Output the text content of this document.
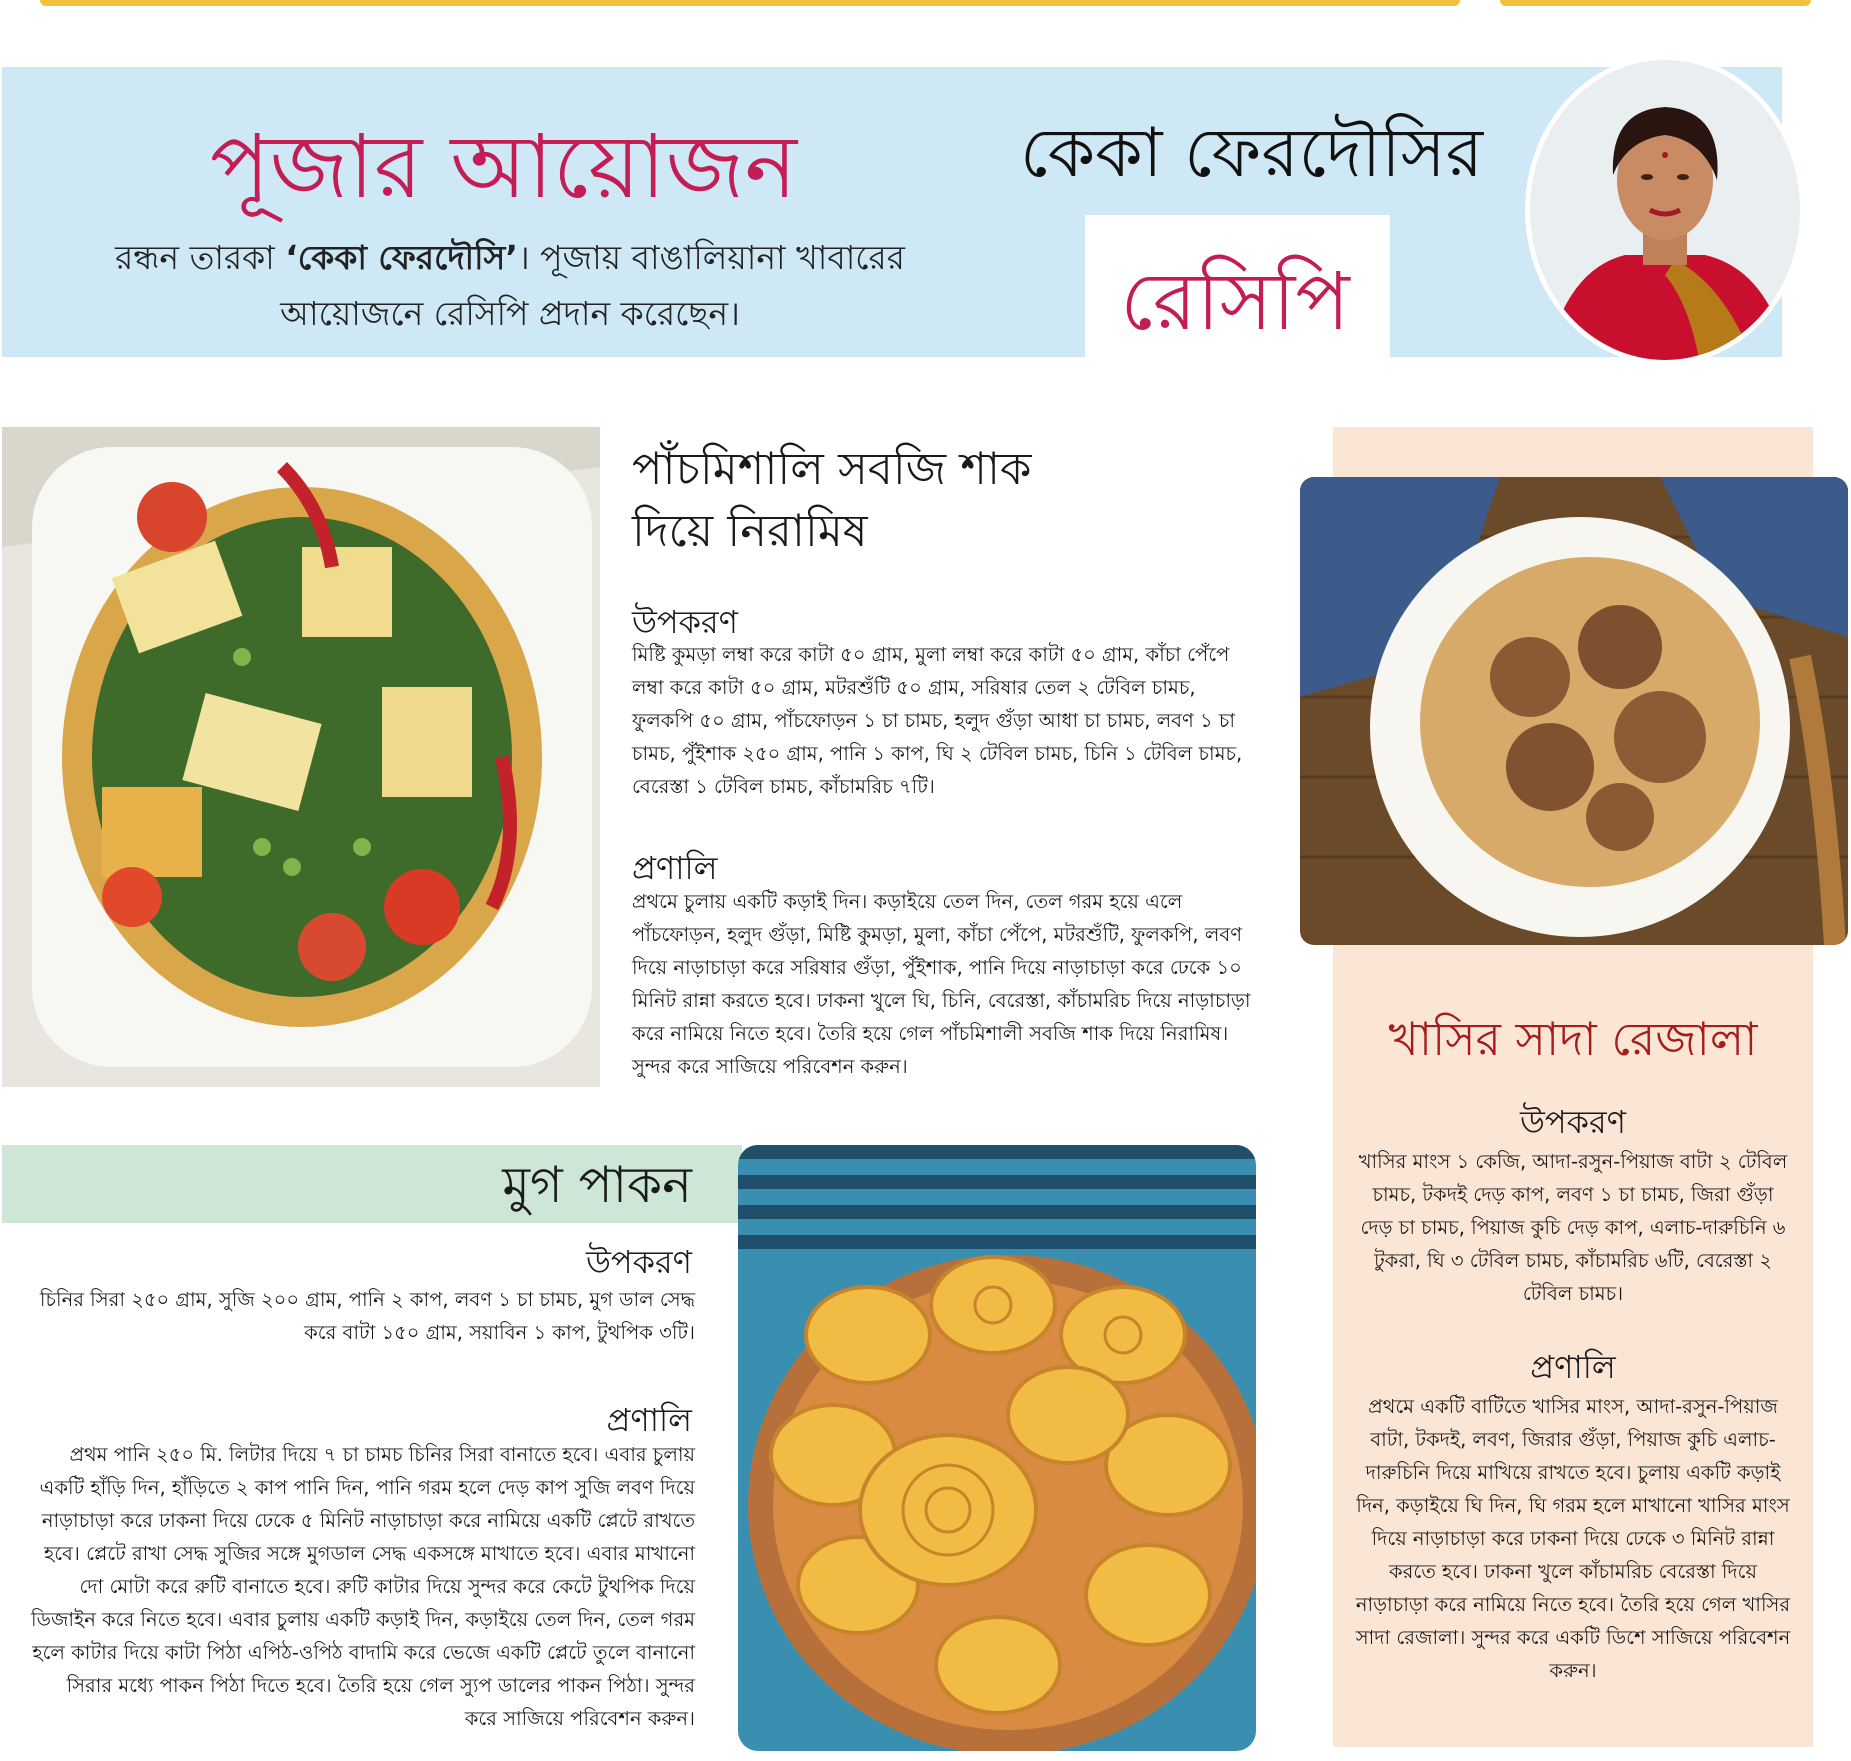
পূজার আয়োজন
রন্ধন তারকা ‘কেকা ফেরদৌসি’। পূজায় বাঙালিয়ানা খাবারের আয়োজনে রেসিপি প্রদান করেছেন।
কেকা ফেরদৌসির
রেসিপি
পাঁচমিশালি সবজি শাক দিয়ে নিরামিষ
উপকরণ
মিষ্টি কুমড়া লম্বা করে কাটা ৫০ গ্রাম, মুলা লম্বা করে কাটা ৫০ গ্রাম, কাঁচা পেঁপে লম্বা করে কাটা ৫০ গ্রাম, মটরশুঁটি ৫০ গ্রাম, সরিষার তেল ২ টেবিল চামচ, ফুলকপি ৫০ গ্রাম, পাঁচফোড়ন ১ চা চামচ, হলুদ গুঁড়া আধা চা চামচ, লবণ ১ চা চামচ, পুঁইশাক ২৫০ গ্রাম, পানি ১ কাপ, ঘি ২ টেবিল চামচ, চিনি ১ টেবিল চামচ, বেরেস্তা ১ টেবিল চামচ, কাঁচামরিচ ৭টি।
প্রণালি
প্রথমে চুলায় একটি কড়াই দিন। কড়াইয়ে তেল দিন, তেল গরম হয়ে এলে পাঁচফোড়ন, হলুদ গুঁড়া, মিষ্টি কুমড়া, মুলা, কাঁচা পেঁপে, মটরশুঁটি, ফুলকপি, লবণ দিয়ে নাড়াচাড়া করে সরিষার গুঁড়া, পুঁইশাক, পানি দিয়ে নাড়াচাড়া করে ঢেকে ১০ মিনিট রান্না করতে হবে। ঢাকনা খুলে ঘি, চিনি, বেরেস্তা, কাঁচামরিচ দিয়ে নাড়াচাড়া করে নামিয়ে নিতে হবে। তৈরি হয়ে গেল পাঁচমিশালী সবজি শাক দিয়ে নিরামিষ। সুন্দর করে সাজিয়ে পরিবেশন করুন।
খাসির সাদা রেজালা
উপকরণ
খাসির মাংস ১ কেজি, আদা-রসুন-পিয়াজ বাটা ২ টেবিল চামচ, টকদই দেড় কাপ, লবণ ১ চা চামচ, জিরা গুঁড়া দেড় চা চামচ, পিয়াজ কুচি দেড় কাপ, এলাচ-দারুচিনি ৬ টুকরা, ঘি ৩ টেবিল চামচ, কাঁচামরিচ ৬টি, বেরেস্তা ২ টেবিল চামচ।
প্রণালি
প্রথমে একটি বাটিতে খাসির মাংস, আদা-রসুন-পিয়াজ বাটা, টকদই, লবণ, জিরার গুঁড়া, পিয়াজ কুচি এলাচ-দারুচিনি দিয়ে মাখিয়ে রাখতে হবে। চুলায় একটি কড়াই দিন, কড়াইয়ে ঘি দিন, ঘি গরম হলে মাখানো খাসির মাংস দিয়ে নাড়াচাড়া করে ঢাকনা দিয়ে ঢেকে ৩ মিনিট রান্না করতে হবে। ঢাকনা খুলে কাঁচামরিচ বেরেস্তা দিয়ে নাড়াচাড়া করে নামিয়ে নিতে হবে। তৈরি হয়ে গেল খাসির সাদা রেজালা। সুন্দর করে একটি ডিশে সাজিয়ে পরিবেশন করুন।
মুগ পাকন
উপকরণ
চিনির সিরা ২৫০ গ্রাম, সুজি ২০০ গ্রাম, পানি ২ কাপ, লবণ ১ চা চামচ, মুগ ডাল সেদ্ধ করে বাটা ১৫০ গ্রাম, সয়াবিন ১ কাপ, টুথপিক ৩টি।
প্রণালি
প্রথম পানি ২৫০ মি. লিটার দিয়ে ৭ চা চামচ চিনির সিরা বানাতে হবে। এবার চুলায় একটি হাঁড়ি দিন, হাঁড়িতে ২ কাপ পানি দিন, পানি গরম হলে দেড় কাপ সুজি লবণ দিয়ে নাড়াচাড়া করে ঢাকনা দিয়ে ঢেকে ৫ মিনিট নাড়াচাড়া করে নামিয়ে একটি প্লেটে রাখতে হবে। প্লেটে রাখা সেদ্ধ সুজির সঙ্গে মুগডাল সেদ্ধ একসঙ্গে মাখাতে হবে। এবার মাখানো দো মোটা করে রুটি বানাতে হবে। রুটি কাটার দিয়ে সুন্দর করে কেটে টুথপিক দিয়ে ডিজাইন করে নিতে হবে। এবার চুলায় একটি কড়াই দিন, কড়াইয়ে তেল দিন, তেল গরম হলে কাটার দিয়ে কাটা পিঠা এপিঠ-ওপিঠ বাদামি করে ভেজে একটি প্লেটে তুলে বানানো সিরার মধ্যে পাকন পিঠা দিতে হবে। তৈরি হয়ে গেল স্যুপ ডালের পাকন পিঠা। সুন্দর করে সাজিয়ে পরিবেশন করুন।
